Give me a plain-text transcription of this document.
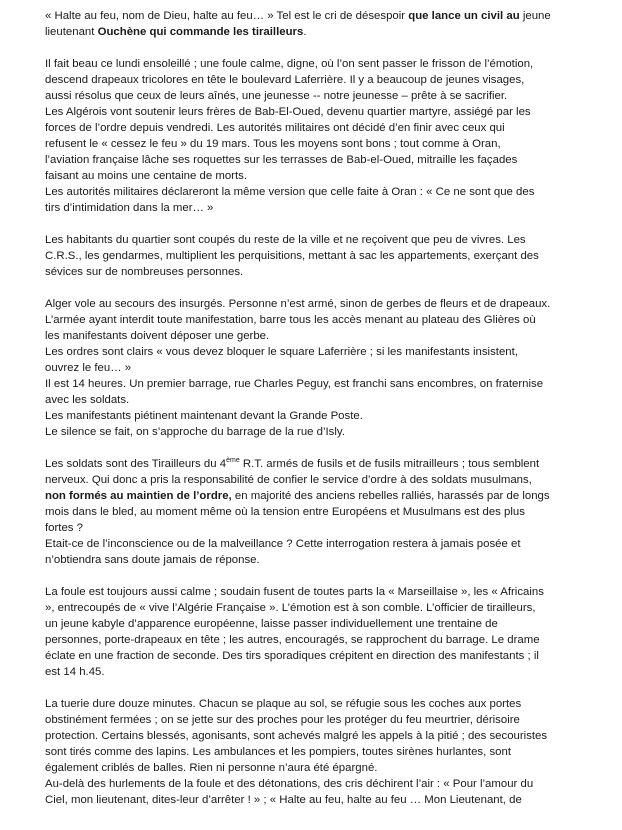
« Halte au feu, nom de Dieu, halte au feu… » Tel est le cri de désespoir que lance un civil au jeune
lieutenant Ouchène qui commande les tirailleurs.
Il fait beau ce lundi ensoleillé ; une foule calme, digne, où l’on sent passer le frisson de l’émotion,
descend drapeaux tricolores en tête le boulevard Laferrière. Il y a beaucoup de jeunes visages,
aussi résolus que ceux de leurs aînés, une jeunesse -- notre jeunesse – prête à se sacrifier.
Les Algérois vont soutenir leurs frères de Bab-El-Oued, devenu quartier martyre, assiégé par les
forces de l’ordre depuis vendredi. Les autorités militaires ont décidé d’en finir avec ceux qui
refusent le « cessez le feu » du 19 mars. Tous les moyens sont bons ; tout comme à Oran,
l’aviation française lâche ses roquettes sur les terrasses de Bab-el-Oued, mitraille les façades
faisant au moins une centaine de morts.
Les autorités militaires déclareront la même version que celle faite à Oran : « Ce ne sont que des
tirs d’intimidation dans la mer… »
Les habitants du quartier sont coupés du reste de la ville et ne reçoivent que peu de vivres. Les
C.R.S., les gendarmes, multiplient les perquisitions, mettant à sac les appartements, exerçant des
sévices sur de nombreuses personnes.
Alger vole au secours des insurgés. Personne n’est armé, sinon de gerbes de fleurs et de drapeaux.
L’armée ayant interdit toute manifestation, barre tous les accès menant au plateau des Glières où
les manifestants doivent déposer une gerbe.
Les ordres sont clairs « vous devez bloquer le square Laferrière ; si les manifestants insistent,
ouvrez le feu… »
Il est 14 heures. Un premier barrage, rue Charles Peguy, est franchi sans encombres, on fraternise
avec les soldats.
Les manifestants piétinent maintenant devant la Grande Poste.
Le silence se fait, on s’approche du barrage de la rue d’Isly.
Les soldats sont des Tirailleurs du 4ème R.T. armés de fusils et de fusils mitrailleurs ; tous semblent
nerveux. Qui donc a pris la responsabilité de confier le service d’ordre à des soldats musulmans,
non formés au maintien de l’ordre, en majorité des anciens rebelles ralliés, harassés par de longs
mois dans le bled, au moment même où la tension entre Européens et Musulmans est des plus
fortes ?
Etait-ce de l’inconscience ou de la malveillance ? Cette interrogation restera à jamais posée et
n’obtiendra sans doute jamais de réponse.
La foule est toujours aussi calme ; soudain fusent de toutes parts la « Marseillaise », les « Africains
», entrecoupés de « vive l’Algérie Française ». L’émotion est à son comble. L’officier de tirailleurs,
un jeune kabyle d’apparence européenne, laisse passer individuellement une trentaine de
personnes, porte-drapeaux en tête ; les autres, encouragés, se rapprochent du barrage. Le drame
éclate en une fraction de seconde. Des tirs sporadiques crépitent en direction des manifestants ; il
est 14 h.45.
La tuerie dure douze minutes. Chacun se plaque au sol, se réfugie sous les coches aux portes
obstinément fermées ; on se jette sur des proches pour les protéger du feu meurtrier, dérisoire
protection. Certains blessés, agonisants, sont achevés malgré les appels à la pitié ; des secouristes
sont tirés comme des lapins. Les ambulances et les pompiers, toutes sirènes hurlantes, sont
également criblés de balles. Rien ni personne n’aura été épargné.
Au-delà des hurlements de la foule et des détonations, des cris déchirent l’air : « Pour l’amour du
Ciel, mon lieutenant, dites-leur d’arrêter ! » ; « Halte au feu, halte au feu … Mon Lieutenant, de
